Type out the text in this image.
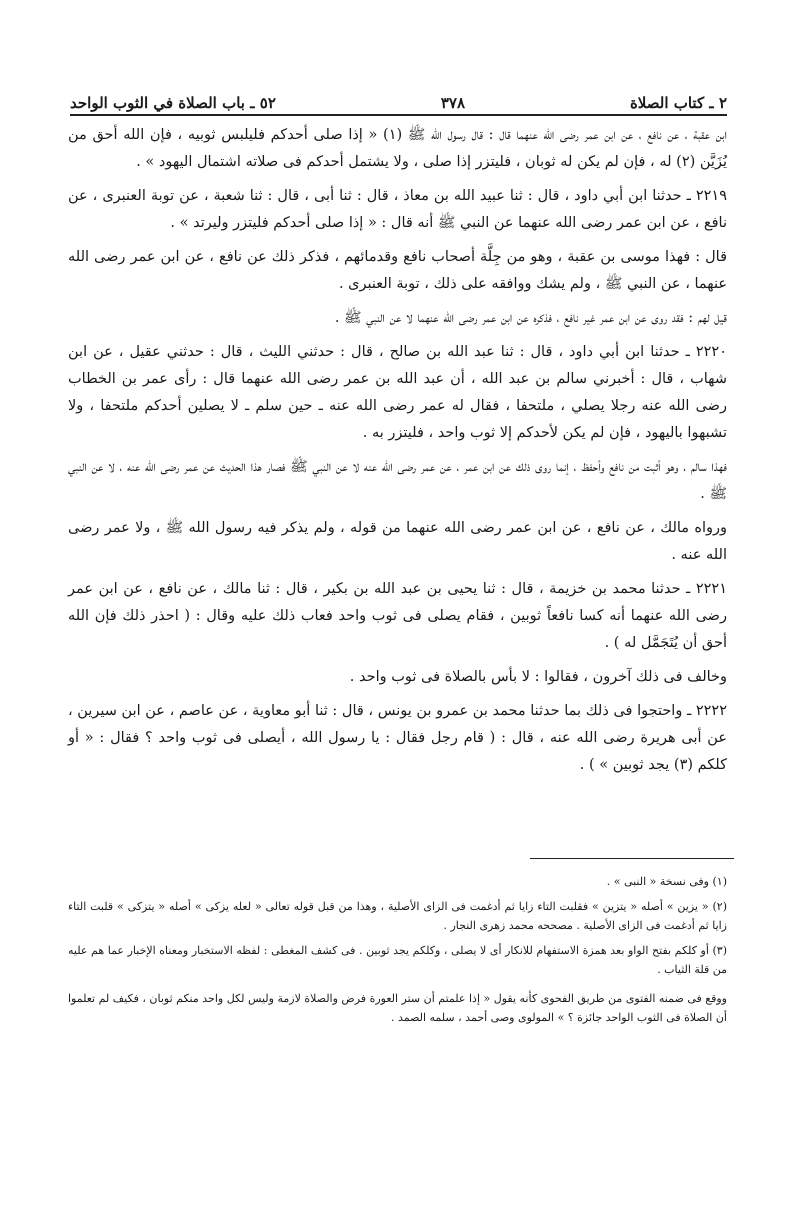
٢ ـ كتاب الصلاة
٣٧٨
٥٢ ـ باب الصلاة في الثوب الواحد

ابن عقبة ، عن نافع ، عن ابن عمر رضى الله عنهما قال : قال رسول الله ﷺ (١) « إذا صلى أحدكم فليلبس ثوبيه ، فإن الله أحق من يُزَيَّن (٢) له ، فإن لم يكن له ثوبان ، فليتزر إذا صلى ، ولا يشتمل أحدكم فى صلاته اشتمال اليهود » .

٢٢١٩ ـ حدثنا ابن أبي داود ، قال : ثنا عبيد الله بن معاذ ، قال : ثنا أبى ، قال : ثنا شعبة ، عن توبة العنبرى ، عن نافع ، عن ابن عمر رضى الله عنهما عن النبي ﷺ أنه قال : « إذا صلى أحدكم فليتزر وليرتد » .

قال : فهذا موسى بن عقبة ، وهو من جِلَّة أصحاب نافع وقدمائهم ، فذكر ذلك عن نافع ، عن ابن عمر رضى الله عنهما ، عن النبي ﷺ ، ولم يشك ووافقه على ذلك ، توبة العنبرى .

قيل لهم : فقد روى عن ابن عمر غير نافع ، فذكره عن ابن عمر رضى الله عنهما لا عن النبي ﷺ .

٢٢٢٠ ـ حدثنا ابن أبي داود ، قال : ثنا عبد الله بن صالح ، قال : حدثني الليث ، قال : حدثني عقيل ، عن ابن شهاب ، قال : أخبرني سالم بن عبد الله ، أن عبد الله بن عمر رضى الله عنهما قال : رأى عمر بن الخطاب رضى الله عنه رجلا يصلي ، ملتحفا ، فقال له عمر رضى الله عنه ـ حين سلم ـ لا يصلين أحدكم ملتحفا ، ولا تشبهوا باليهود ، فإن لم يكن لأحدكم إلا ثوب واحد ، فليتزر به .

فهذا سالم ، وهو أثبت من نافع وأحفظ ، إنما روى ذلك عن ابن عمر ، عن عمر رضى الله عنه لا عن النبي ﷺ فصار هذا الحديث عن عمر رضى الله عنه ، لا عن النبي ﷺ .

ورواه مالك ، عن نافع ، عن ابن عمر رضى الله عنهما من قوله ، ولم يذكر فيه رسول الله ﷺ ، ولا عمر رضى الله عنه .

٢٢٢١ ـ حدثنا محمد بن خزيمة ، قال : ثنا يحيى بن عبد الله بن بكير ، قال : ثنا مالك ، عن نافع ، عن ابن عمر رضى الله عنهما أنه كسا نافعاً ثوبين ، فقام يصلى فى ثوب واحد فعاب ذلك عليه وقال : ( احذر ذلك فإن الله أحق أن يُتَجَمَّل له ) .

وخالف فى ذلك آخرون ، فقالوا : لا بأس بالصلاة فى ثوب واحد .

٢٢٢٢ ـ واحتجوا فى ذلك بما حدثنا محمد بن عمرو بن يونس ، قال : ثنا أبو معاوية ، عن عاصم ، عن ابن سيرين ، عن أبى هريرة رضى الله عنه ، قال : ( قام رجل فقال : يا رسول الله ، أيصلى فى ثوب واحد ؟ فقال : « أو كلكم (٣) يجد ثوبين » ) .

(١) وفى نسخة « النبى » .

(٢) « يزين » أصله « يتزين » فقلبت التاء زايا ثم أدغمت فى الزاى الأصلية ، وهذا من قبل قوله تعالى « لعله يزكى » أصله « يتزكى » قلبت التاء زايا ثم أدغمت فى الزاى الأصلية . مصححه محمد زهرى النجار .

(٣) أو كلكم بفتح الواو بعد همزة الاستفهام للانكار أى لا يصلى ، وكلكم يجد ثوبين . فى كشف المغطى : لفظه الاستخبار ومعناه الإخبار عما هم عليه من قلة الثياب .

ووقع فى ضمنه الفتوى من طريق الفحوى كأنه يقول « إذا علمتم أن ستر العورة فرض والصلاة لازمة وليس لكل واحد منكم ثوبان ، فكيف لم تعلموا أن الصلاة فى الثوب الواحد جائزة ؟ » المولوى وصى أحمد ، سلمه الصمد .
